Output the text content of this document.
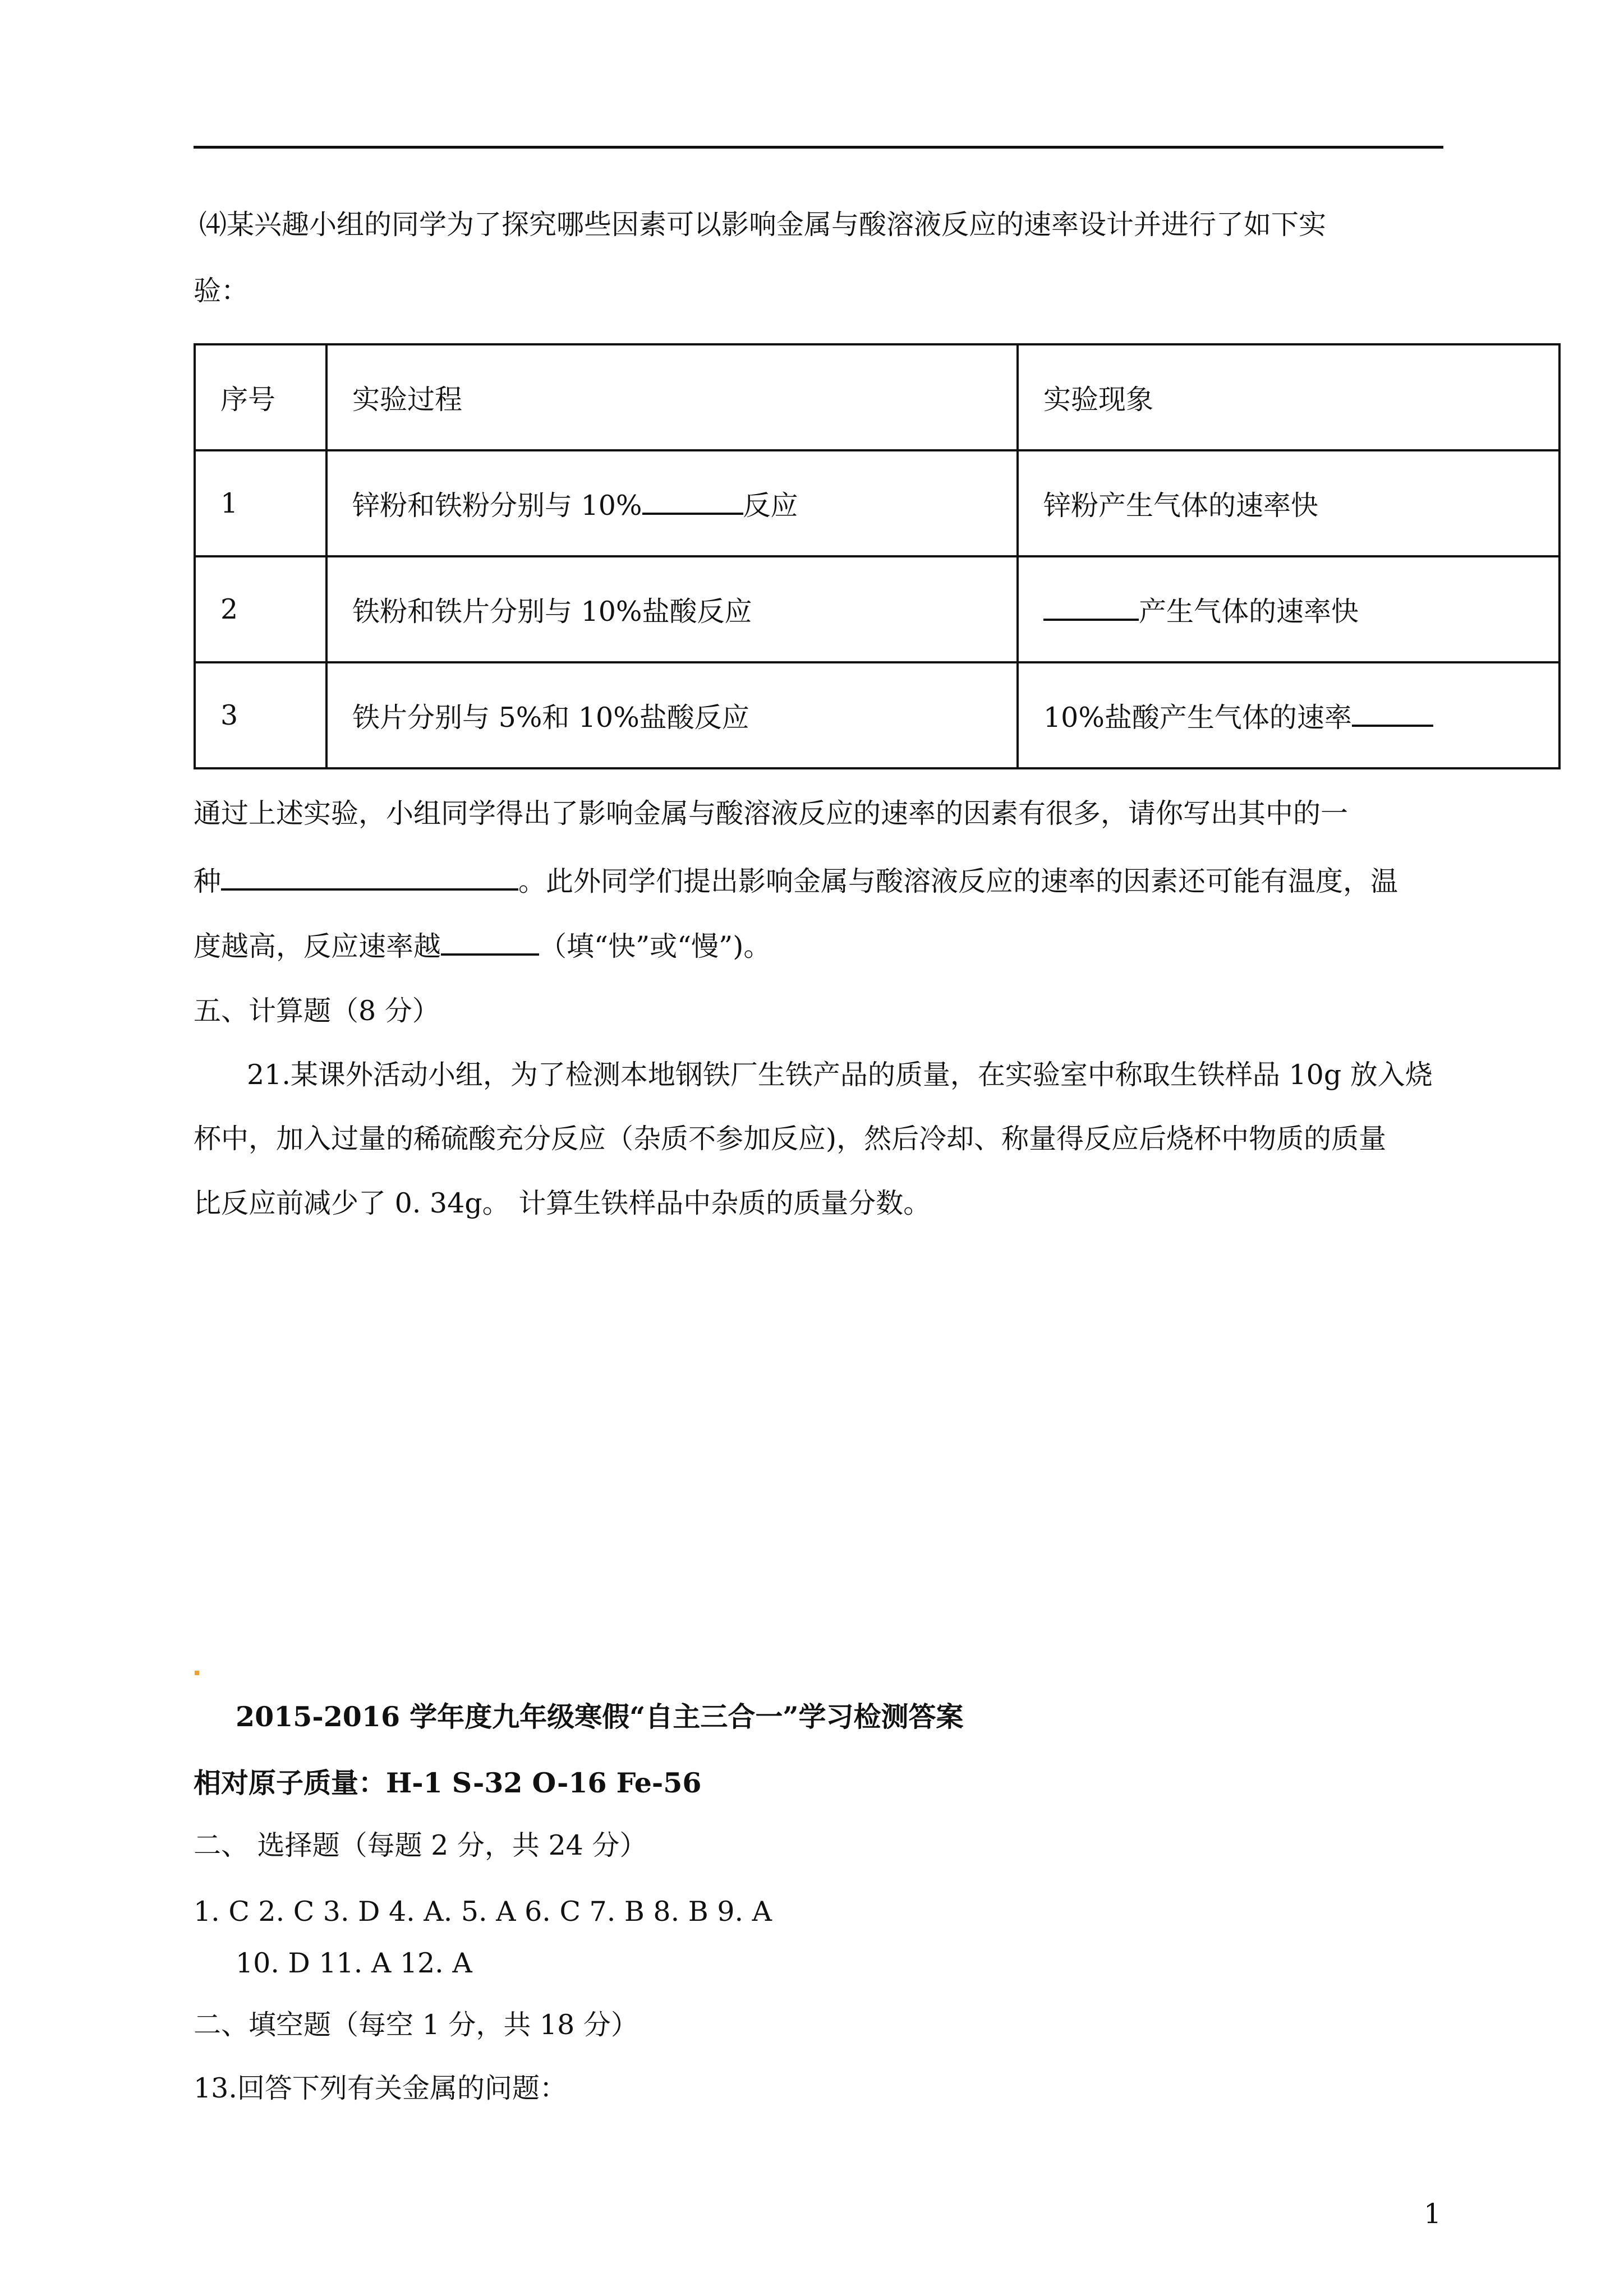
⑷某兴趣小组的同学为了探究哪些因素可以影响金属与酸溶液反应的速率设计并进行了如下实
验：
序号	实验过程	实验现象
1	锌粉和铁粉分别与 10% 反应	锌粉产生气体的速率快
2	铁粉和铁片分别与 10%盐酸反应	产生气体的速率快
3	铁片分别与 5%和 10%盐酸反应	10%盐酸产生气体的速率
通过上述实验，小组同学得出了影响金属与酸溶液反应的速率的因素有很多，请你写出其中的一
种	。此外同学们提出影响金属与酸溶液反应的速率的因素还可能有温度，温
度越高，反应速率越	（填“快”或“慢”)。
五、计算题（8 分）
21.某课外活动小组，为了检测本地钢铁厂生铁产品的质量，在实验室中称取生铁样品 10g 放入烧
杯中，加入过量的稀硫酸充分反应（杂质不参加反应)，然后冷却、称量得反应后烧杯中物质的质量
比反应前减少了 0. 34g。 计算生铁样品中杂质的质量分数。
2015-2016 学年度九年级寒假“自主三合一”学习检测答案
相对原子质量：H-1 S-32 O-16 Fe-56
二、 选择题（每题 2 分，共 24 分）
1. C 2. C 3. D 4. A. 5. A 6. C 7. B 8. B 9. A
10. D 11. A 12. A
二、填空题（每空 1 分，共 18 分）
13.回答下列有关金属的问题：
1
